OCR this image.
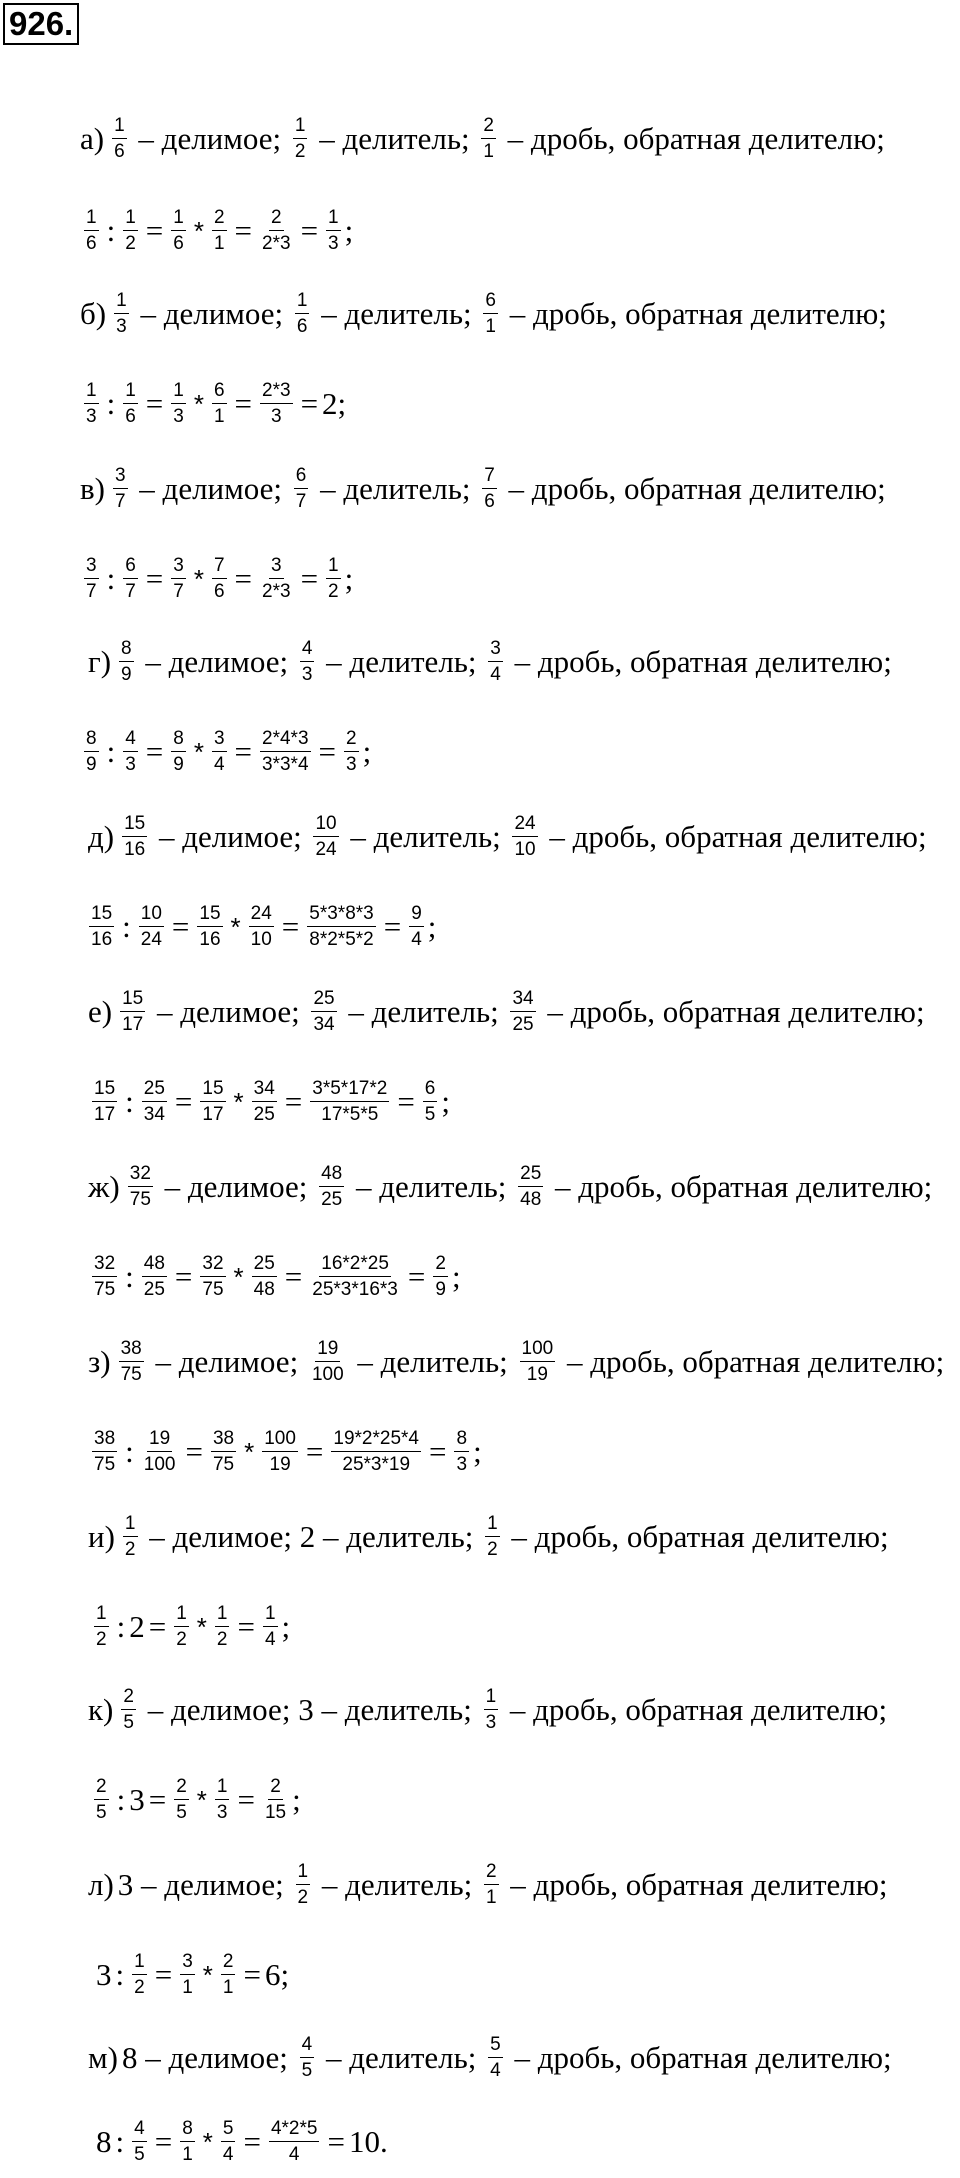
926.
$а) \frac{1}{6}$ – делимое; $\frac{1}{2}$ – делитель; $\frac{2}{1}$ – дробь, обратная делителю;
$\frac{1}{6}$ : $\frac{1}{2} = \frac{1}{6} * \frac{2}{1} = \frac{2}{2*3} = \frac{1}{3}$ ;
$б) \frac{1}{3}$ – делимое; $\frac{1}{6}$ – делитель; $\frac{6}{1}$ – дробь, обратная делителю;
$\frac{1}{3}$ : $\frac{1}{6} = \frac{1}{3} * \frac{6}{1} = \frac{2*3}{3} = 2$;
$в) \frac{3}{7}$ – делимое; $\frac{6}{7}$ – делитель; $\frac{7}{6}$ – дробь, обратная делителю;
$\frac{3}{7}$ : $\frac{6}{7} = \frac{3}{7} * \frac{7}{6} = \frac{3}{2*3} = \frac{1}{2}$ ;
$г) \frac{8}{9}$ – делимое; $\frac{4}{3}$ – делитель; $\frac{3}{4}$ – дробь, обратная делителю;
$\frac{8}{9}$ : $\frac{4}{3} = \frac{8}{9} * \frac{3}{4} = \frac{2*4*3}{3*3*4} = \frac{2}{3}$ ;
$д) \frac{15}{16}$ – делимое; $\frac{10}{24}$ – делитель; $\frac{24}{10}$ – дробь, обратная делителю;
$\frac{15}{16}$ : $\frac{10}{24} = \frac{15}{16} * \frac{24}{10} = \frac{5*3*8*3}{8*2*5*2} = \frac{9}{4}$ ;
$е) \frac{15}{17}$ – делимое; $\frac{25}{34}$ – делитель; $\frac{34}{25}$ – дробь, обратная делителю;
$\frac{15}{17}$ : $\frac{25}{34} = \frac{15}{17} * \frac{34}{25} = \frac{3*5*17*2}{17*5*5} = \frac{6}{5}$ ;
$ж) \frac{32}{75}$ – делимое; $\frac{48}{25}$ – делитель; $\frac{25}{48}$ – дробь, обратная делителю;
$\frac{32}{75}$ : $\frac{48}{25} = \frac{32}{75} * \frac{25}{48} = \frac{16*2*25}{25*3*16*3} = \frac{2}{9}$ ;
$з) \frac{38}{75}$ – делимое; $\frac{19}{100}$ – делитель; $\frac{100}{19}$ – дробь, обратная делителю;
$\frac{38}{75}$ : $\frac{19}{100} = \frac{38}{75} * \frac{100}{19} = \frac{19*2*25*4}{25*3*19} = \frac{8}{3}$ ;
$и) \frac{1}{2}$ – делимое; 2 – делитель; $\frac{1}{2}$ – дробь, обратная делителю;
$\frac{1}{2}$ : $2 = \frac{1}{2} * \frac{1}{2} = \frac{1}{4}$ ;
$к) \frac{2}{5}$ – делимое; 3 – делитель; $\frac{1}{3}$ – дробь, обратная делителю;
$\frac{2}{5}$ : $3 = \frac{2}{5} * \frac{1}{3} = \frac{2}{15}$ ;
л) 3 – делимое; $\frac{1}{2}$ – делитель; $\frac{2}{1}$ – дробь, обратная делителю;
3 : $\frac{1}{2} = \frac{3}{1} * \frac{2}{1} = 6$;
м) 8 – делимое; $\frac{4}{5}$ – делитель; $\frac{5}{4}$ – дробь, обратная делителю;
8 : $\frac{4}{5} = \frac{8}{1} * \frac{5}{4} = \frac{4*2*5}{4} = 10$.
